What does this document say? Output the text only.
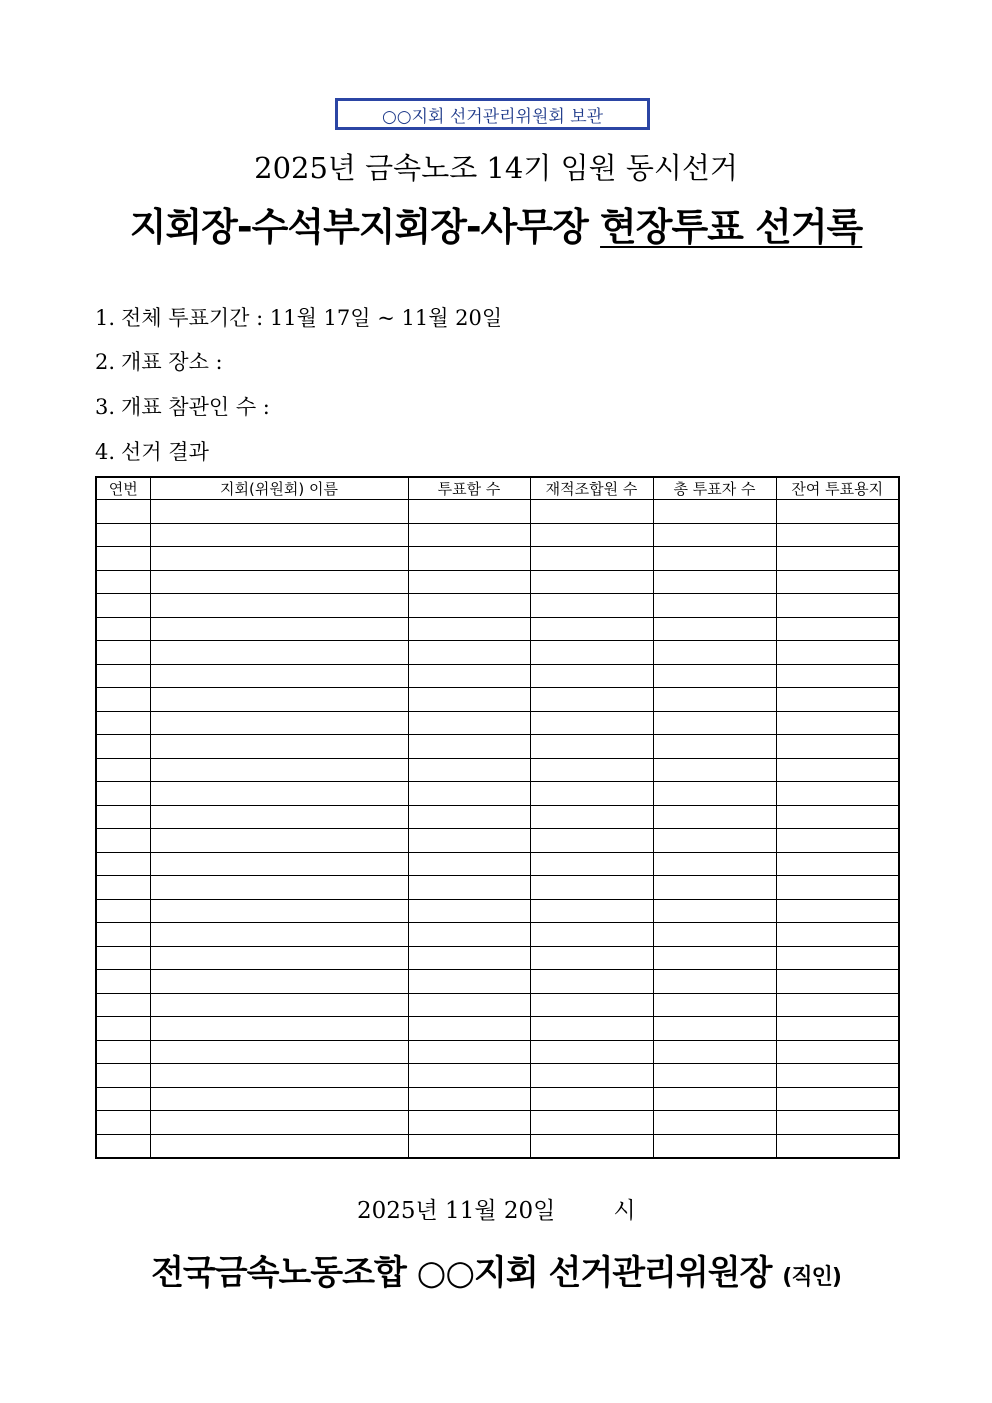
○○지회 선거관리위원회 보관
2025년 금속노조 14기 임원 동시선거
지회장-수석부지회장-사무장 현장투표 선거록
1. 전체 투표기간 : 11월 17일 ~ 11월 20일
2. 개표 장소 :
3. 개표 참관인 수 :
4. 선거 결과
연번	지회(위원회) 이름	투표함 수	재적조합원 수	총 투표자 수	잔여 투표용지

2025년 11월 20일	시
전국금속노동조합 ○○지회 선거관리위원장 (직인)
